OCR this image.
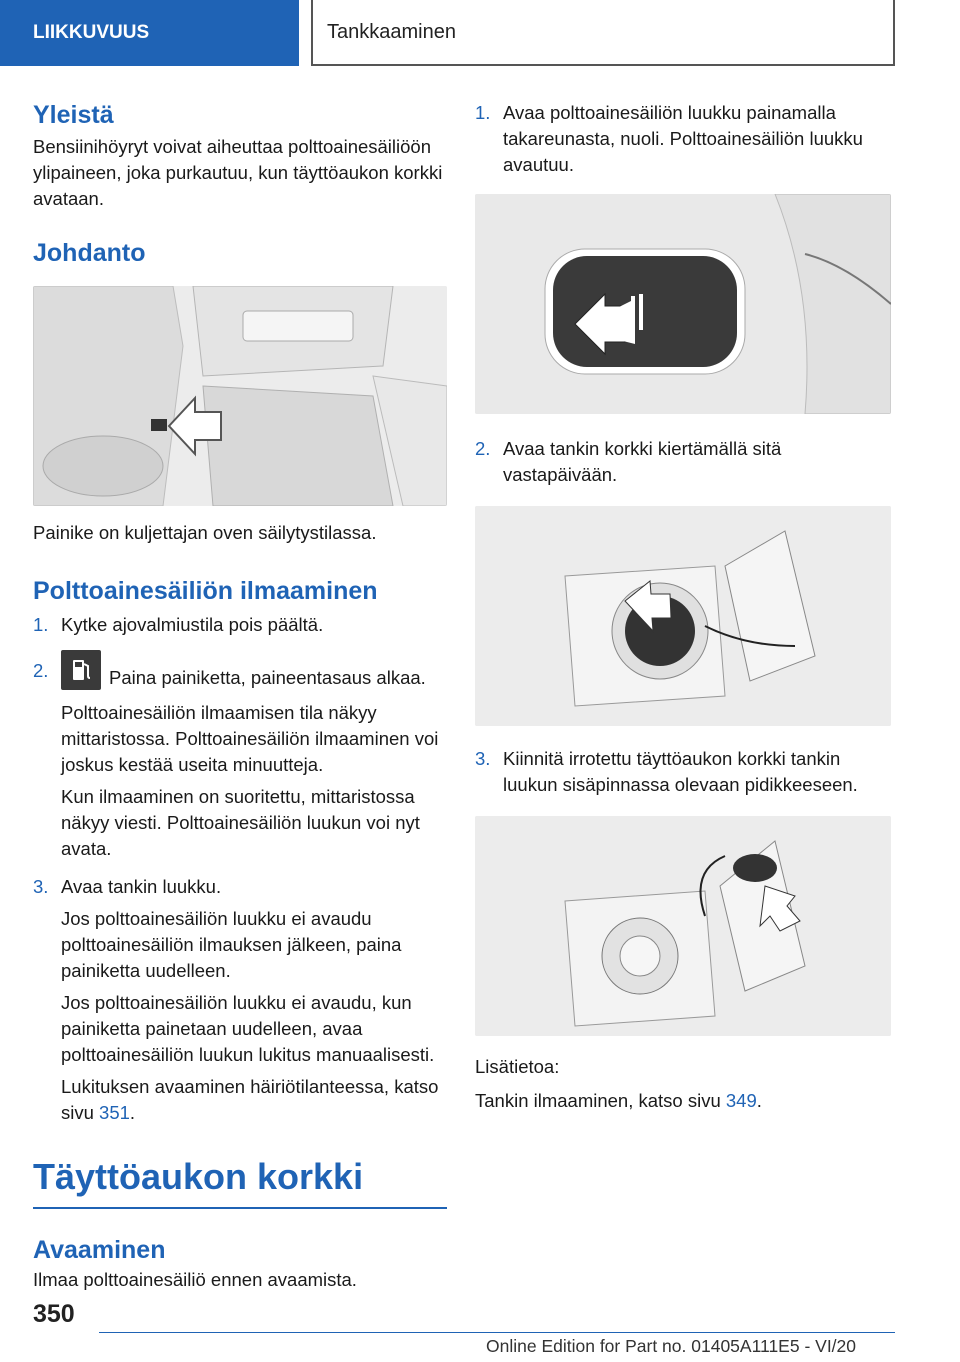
LIIKKUVUUS	Tankkaaminen
Yleistä

Bensiinihöyryt voivat aiheuttaa polttoainesäiliöön ylipaineen, joka purkautuu, kun täyttöaukon korkki avataan.

Johdanto

Painike on kuljettajan oven säilytystilassa.

Polttoainesäiliön ilmaaminen
1. Kytke ajovalmiustila pois päältä.
2.	Paina painiketta, paineentasaus alkaa.

Polttoainesäiliön ilmaamisen tila näkyy mittaristossa. Polttoainesäiliön ilmaaminen voi joskus kestää useita minuutteja.

Kun ilmaaminen on suoritettu, mittaristossa näkyy viesti. Polttoainesäiliön luukun voi nyt avata.

3. Avaa tankin luukku.

Jos polttoainesäiliön luukku ei avaudu polttoainesäiliön ilmauksen jälkeen, paina painiketta uudelleen.

Jos polttoainesäiliön luukku ei avaudu, kun painiketta painetaan uudelleen, avaa polttoainesäiliön luukun lukitus manuaalisesti.

Lukituksen avaaminen häiriötilanteessa, katso sivu 351.

Täyttöaukon korkki
Avaaminen

Ilmaa polttoainesäiliö ennen avaamista.

1. Avaa polttoainesäiliön luukku painamalla takareunasta, nuoli. Polttoainesäiliön luukku avautuu.
2. Avaa tankin korkki kiertämällä sitä vastapäivään.
3. Kiinnitä irrotettu täyttöaukon korkki tankin luukun sisäpinnassa olevaan pidikkeeseen.

Lisätietoa:

Tankin ilmaaminen, katso sivu 349.

350
Online Edition for Part no. 01405A111E5 - VI/20
